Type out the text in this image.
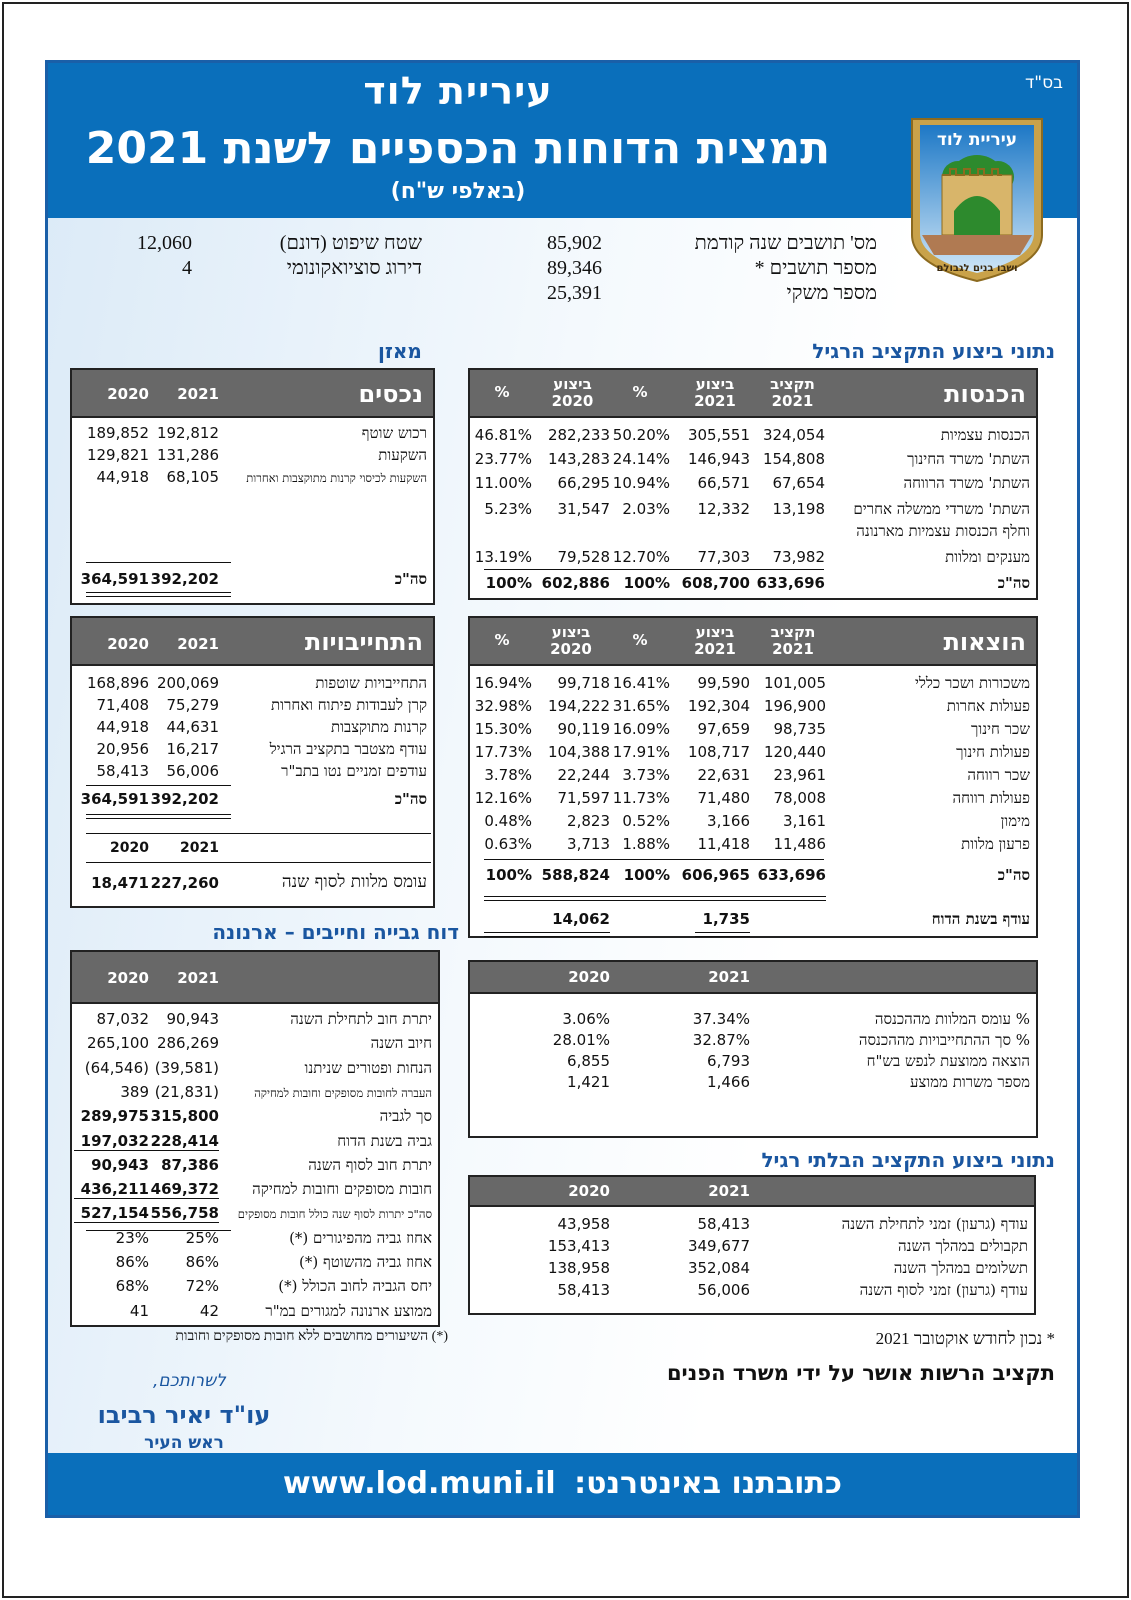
בס"ד
עיריית לוד
תמצית הדוחות הכספיים לשנת 2021
(באלפי ש"ח)
עיריית לוד
ושבו בנים לגבולם
מס' תושבים שנה קודמת
85,902
מספר תושבים *
89,346
מספר משקי
25,391
שטח שיפוט (דונם)
12,060
דירוג סוציואקונומי
4
נתוני ביצוע התקציב הרגיל
מאזן
דוח גבייה וחייבים – ארנונה
נתוני ביצוע התקציב הבלתי רגיל
הכנסות
תקציב
2021
ביצוע
2021
%
ביצוע
2020
%
הכנסות עצמיות
324,054
305,551
50.20%
282,233
46.81%
השתת' משרד החינוך
154,808
146,943
24.14%
143,283
23.77%
השתת' משרד הרווחה
67,654
66,571
10.94%
66,295
11.00%
השתת' משרדי ממשלה אחרים
וחלף הכנסות עצמיות מארנונה
13,198
12,332
2.03%
31,547
5.23%
מענקים ומלוות
73,982
77,303
12.70%
79,528
13.19%
סה"כ
633,696
608,700
100%
602,886
100%
הוצאות
תקציב
2021
ביצוע
2021
%
ביצוע
2020
%
משכורות ושכר כללי
101,005
99,590
16.41%
99,718
16.94%
פעולות אחרות
196,900
192,304
31.65%
194,222
32.98%
שכר חינוך
98,735
97,659
16.09%
90,119
15.30%
פעולות חינוך
120,440
108,717
17.91%
104,388
17.73%
שכר רווחה
23,961
22,631
3.73%
22,244
3.78%
פעולות רווחה
78,008
71,480
11.73%
71,597
12.16%
מימון
3,161
3,166
0.52%
2,823
0.48%
פרעון מלוות
11,486
11,418
1.88%
3,713
0.63%
סה"כ
633,696
606,965
100%
588,824
100%
עודף בשנת הדוח
1,735
14,062
2021
2020
% עומס המלוות מההכנסה
37.34%
3.06%
% סך ההתחייבויות מההכנסה
32.87%
28.01%
הוצאה ממוצעת לנפש בש"ח
6,793
6,855
מספר משרות ממוצע
1,466
1,421
2021
2020
עודף (גרעון) זמני לתחילת השנה
58,413
43,958
תקבולים במהלך השנה
349,677
153,413
תשלומים במהלך השנה
352,084
138,958
עודף (גרעון) זמני לסוף השנה
56,006
58,413
נכסים
2021
2020
רכוש שוטף
192,812
189,852
השקעות
131,286
129,821
השקעות לכיסוי קרנות מתוקצבות ואחרות
68,105
44,918
סה"כ
392,202
364,591
התחייבויות
2021
2020
התחייבויות שוטפות
200,069
168,896
קרן לעבודות פיתוח ואחרות
75,279
71,408
קרנות מתוקצבות
44,631
44,918
עודף מצטבר בתקציב הרגיל
16,217
20,956
עודפים זמניים נטו בתב"ר
56,006
58,413
סה"כ
392,202
364,591
2021
2020
עומס מלוות לסוף שנה
227,260
18,471
2021
2020
יתרת חוב לתחילת השנה
90,943
87,032
חיוב השנה
286,269
265,100
הנחות ופטורים שניתנו
(39,581)
(64,546)
העברה לחובות מסופקים וחובות למחיקה
(21,831)
389
סך לגביה
315,800
289,975
גביה בשנת הדוח
228,414
197,032
יתרת חוב לסוף השנה
87,386
90,943
חובות מסופקים וחובות למחיקה
469,372
436,211
סה"כ יתרות לסוף שנה כולל חובות מסופקים
556,758
527,154
אחוז גביה מהפיגורים (*)
25%
23%
אחוז גביה מהשוטף (*)
86%
86%
יחס הגביה לחוב הכולל (*)
72%
68%
ממוצע ארנונה למגורים במ"ר
42
41
(*) השיעורים מחושבים ללא חובות מסופקים וחובות	* נכון לחודש אוקטובר 2021
תקציב הרשות אושר על ידי משרד הפנים
לשרותכם,
עו"ד יאיר רביבו
ראש העיר
כתובתנו באינטרנט: www.lod.muni.il
